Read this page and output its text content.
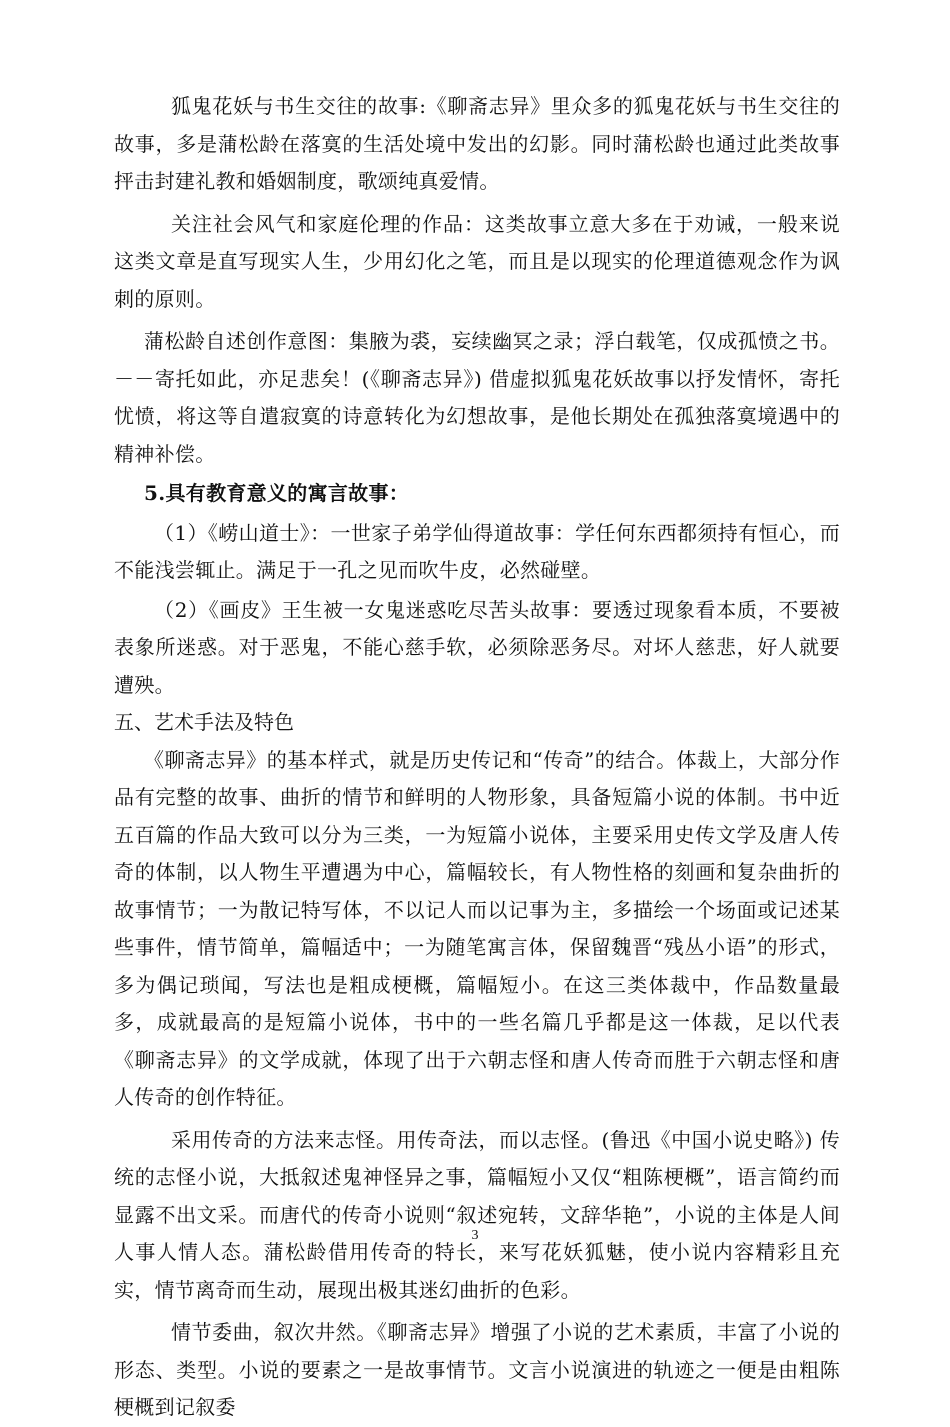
狐鬼花妖与书生交往的故事:《聊斋志异》里众多的狐鬼花妖与书生交往的故事，多是蒲松龄在落寞的生活处境中发出的幻影。同时蒲松龄也通过此类故事抨击封建礼教和婚姻制度，歌颂纯真爱情。

关注社会风气和家庭伦理的作品：这类故事立意大多在于劝诫，一般来说这类文章是直写现实人生，少用幻化之笔，而且是以现实的伦理道德观念作为讽刺的原则。

蒲松龄自述创作意图：集腋为裘，妄续幽冥之录；浮白载笔，仅成孤愤之书。－－寄托如此，亦足悲矣！(《聊斋志异》) 借虚拟狐鬼花妖故事以抒发情怀，寄托忧愤，将这等自遣寂寞的诗意转化为幻想故事，是他长期处在孤独落寞境遇中的精神补偿。

5.具有教育意义的寓言故事：

（1）《崂山道士》：一世家子弟学仙得道故事：学任何东西都须持有恒心，而不能浅尝辄止。满足于一孔之见而吹牛皮，必然碰壁。

（2）《画皮》王生被一女鬼迷惑吃尽苦头故事：要透过现象看本质，不要被表象所迷惑。对于恶鬼，不能心慈手软，必须除恶务尽。对坏人慈悲，好人就要遭殃。

五、艺术手法及特色

《聊斋志异》的基本样式，就是历史传记和“传奇”的结合。体裁上，大部分作品有完整的故事、曲折的情节和鲜明的人物形象，具备短篇小说的体制。书中近五百篇的作品大致可以分为三类，一为短篇小说体，主要采用史传文学及唐人传奇的体制，以人物生平遭遇为中心，篇幅较长，有人物性格的刻画和复杂曲折的故事情节；一为散记特写体，不以记人而以记事为主，多描绘一个场面或记述某些事件，情节简单，篇幅适中；一为随笔寓言体，保留魏晋“残丛小语”的形式，多为偶记琐闻，写法也是粗成梗概，篇幅短小。在这三类体裁中，作品数量最多，成就最高的是短篇小说体，书中的一些名篇几乎都是这一体裁，足以代表《聊斋志异》的文学成就，体现了出于六朝志怪和唐人传奇而胜于六朝志怪和唐人传奇的创作特征。

采用传奇的方法来志怪。用传奇法，而以志怪。(鲁迅《中国小说史略》) 传统的志怪小说，大抵叙述鬼神怪异之事，篇幅短小又仅“粗陈梗概”，语言简约而显露不出文采。而唐代的传奇小说则“叙述宛转，文辞华艳”，小说的主体是人间人事人情人态。蒲松龄借用传奇的特长，来写花妖狐魅，使小说内容精彩且充实，情节离奇而生动，展现出极其迷幻曲折的色彩。

情节委曲，叙次井然。《聊斋志异》增强了小说的艺术素质，丰富了小说的形态、类型。小说的要素之一是故事情节。文言小说演进的轨迹之一便是由粗陈梗概到记叙委

3
